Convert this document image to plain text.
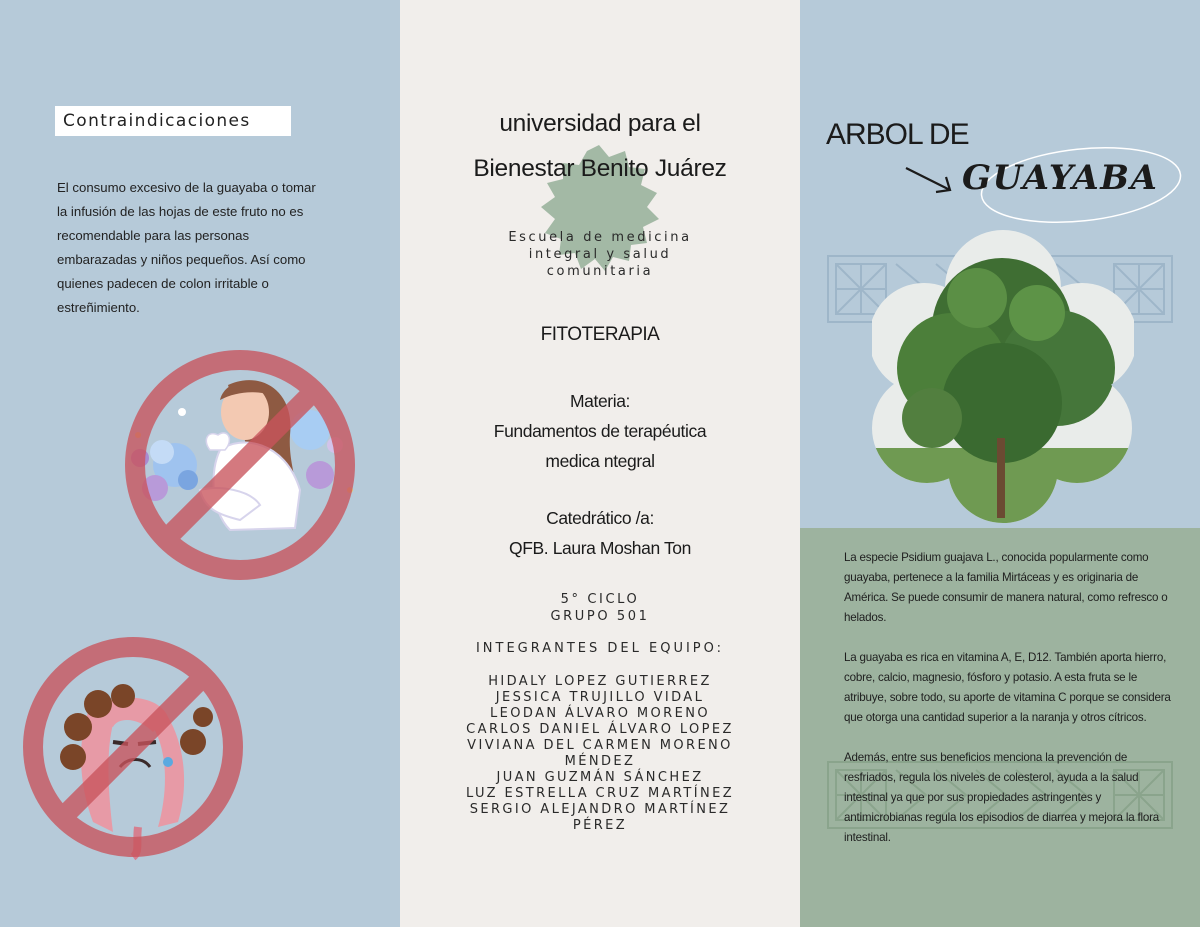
Contraindicaciones

El consumo excesivo de la guayaba o tomar la infusión de las hojas de este fruto no es recomendable para las personas embarazadas y niños pequeños. Así como quienes padecen de colon irritable o estreñimiento.

universidad para el
Bienestar Benito Juárez
Escuela de medicina
integral y salud
comunitaria
FITOTERAPIA
Materia:
Fundamentos de terapéutica
medica ntegral
Catedrático /a:
QFB. Laura Moshan Ton
5° CICLO
GRUPO 501
INTEGRANTES DEL EQUIPO:
HIDALY LOPEZ GUTIERREZ
JESSICA TRUJILLO VIDAL
LEODAN ÁLVARO MORENO
CARLOS DANIEL ÁLVARO LOPEZ
VIVIANA DEL CARMEN MORENO
MÉNDEZ
JUAN GUZMÁN SÁNCHEZ
LUZ ESTRELLA CRUZ MARTÍNEZ
SERGIO ALEJANDRO MARTÍNEZ
PÉREZ
ARBOL DE
GUAYABA

La especie Psidium guajava L., conocida popularmente como guayaba, pertenece a la familia Mirtáceas y es originaria de América. Se puede consumir de manera natural, como refresco o helados.

La guayaba es rica en vitamina A, E, D12. También aporta hierro, cobre, calcio, magnesio, fósforo y potasio. A esta fruta se le atribuye, sobre todo, su aporte de vitamina C porque se considera que otorga una cantidad superior a la naranja y otros cítricos.

Además, entre sus beneficios menciona la prevención de resfriados, regula los niveles de colesterol, ayuda a la salud intestinal ya que por sus propiedades astringentes y antimicrobianas regula los episodios de diarrea y mejora la flora intestinal.
